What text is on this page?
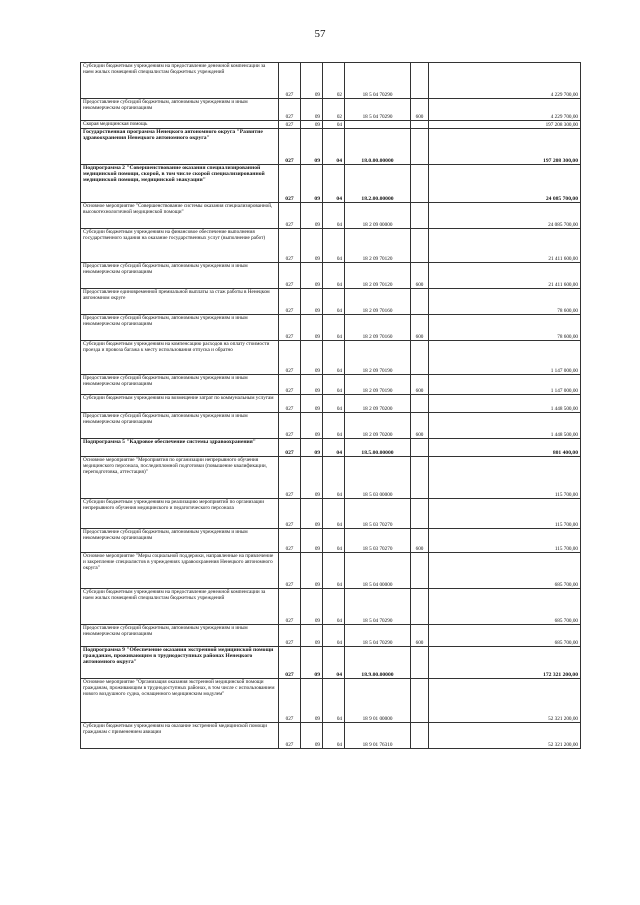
57
Субсидии бюджетным учреждениям на предоставление денежной компенсации за наем жилых помещений специалистам бюджетных учреждений	027	09	02	18 5 04 70290		4 229 700,00
Предоставление субсидий бюджетным, автономным учреждениям и иным некоммерческим организациям	027	09	02	18 5 04 70290	600	4 229 700,00
Скорая медицинская помощь	027	09	04			197 208 300,00
Государственная программа Ненецкого автономного округа "Развитие здравоохранения Ненецкого автономного округа"	027	09	04	18.0.00.00000		197 208 300,00
Подпрограмма 2 "Совершенствование оказания специализированной медицинской помощи, скорой, в том числе скорой специализированной медицинской помощи, медицинской эвакуации"	027	09	04	18.2.00.00000		24 085 700,00
Основное мероприятие "Совершенствование системы оказания специализированной, высокотехнологичной медицинской помощи"	027	09	04	18 2 09 00000		24 085 700,00
Субсидии бюджетным учреждениям на финансовое обеспечение выполнения государственного задания на оказание государственных услуг (выполнение работ)	027	09	04	18 2 09 70120		21 411 600,00
Предоставление субсидий бюджетным, автономным учреждениям и иным некоммерческим организациям	027	09	04	18 2 09 70120	600	21 411 600,00
Предоставление единовременной премиальной выплаты за стаж работы в Ненецком автономном округе	027	09	04	18 2 09 70160		78 600,00
Предоставление субсидий бюджетным, автономным учреждениям и иным некоммерческим организациям	027	09	04	18 2 09 70160	600	78 600,00
Субсидии бюджетным учреждениям на компенсацию расходов на оплату стоимости проезда и провоза багажа к месту использования отпуска и обратно	027	09	04	18 2 09 70190		1 147 000,00
Предоставление субсидий бюджетным, автономным учреждениям и иным некоммерческим организациям	027	09	04	18 2 09 70190	600	1 147 000,00
Субсидии бюджетным учреждениям на возмещение затрат по коммунальным услугам	027	09	04	18 2 09 70200		1 448 500,00
Предоставление субсидий бюджетным, автономным учреждениям и иным некоммерческим организациям	027	09	04	18 2 09 70200	600	1 448 500,00
Подпрограмма 5 "Кадровое обеспечение системы здравоохранения"	027	09	04	18.5.00.00000		801 400,00
Основное мероприятие "Мероприятия по организации непрерывного обучения медицинского персонала, последипломной подготовки (повышение квалификации, переподготовка, аттестация)"	027	09	04	18 5 03 00000		115 700,00
Субсидии бюджетным учреждениям на реализацию мероприятий по организации непрерывного обучения медицинского и педагогического персонала	027	09	04	18 5 03 70270		115 700,00
Предоставление субсидий бюджетным, автономным учреждениям и иным некоммерческим организациям	027	09	04	18 5 03 70270	600	115 700,00
Основное мероприятие "Меры социальной поддержки, направленные на привлечение и закрепление специалистов в учреждениях здравоохранения Ненецкого автономного округа"	027	09	04	18 5 04 00000		685 700,00
Субсидии бюджетным учреждениям на предоставление денежной компенсации за наем жилых помещений специалистам бюджетных учреждений	027	09	04	18 5 04 70290		685 700,00
Предоставление субсидий бюджетным, автономным учреждениям и иным некоммерческим организациям	027	09	04	18 5 04 70290	600	685 700,00
Подпрограмма 9 "Обеспечение оказания экстренной медицинской помощи гражданам, проживающим в труднодоступных районах Ненецкого автономного округа"	027	09	04	18.9.00.00000		172 321 200,00
Основное мероприятие "Организация оказания экстренной медицинской помощи гражданам, проживающим в труднодоступных районах, в том числе с использованием нового воздушного судна, оснащенного медицинским модулем"	027	09	04	18 9 01 00000		52 321 200,00
Субсидии бюджетным учреждениям на оказание экстренной медицинской помощи гражданам с применением авиации	027	09	04	18 9 01 76310		52 321 200,00
